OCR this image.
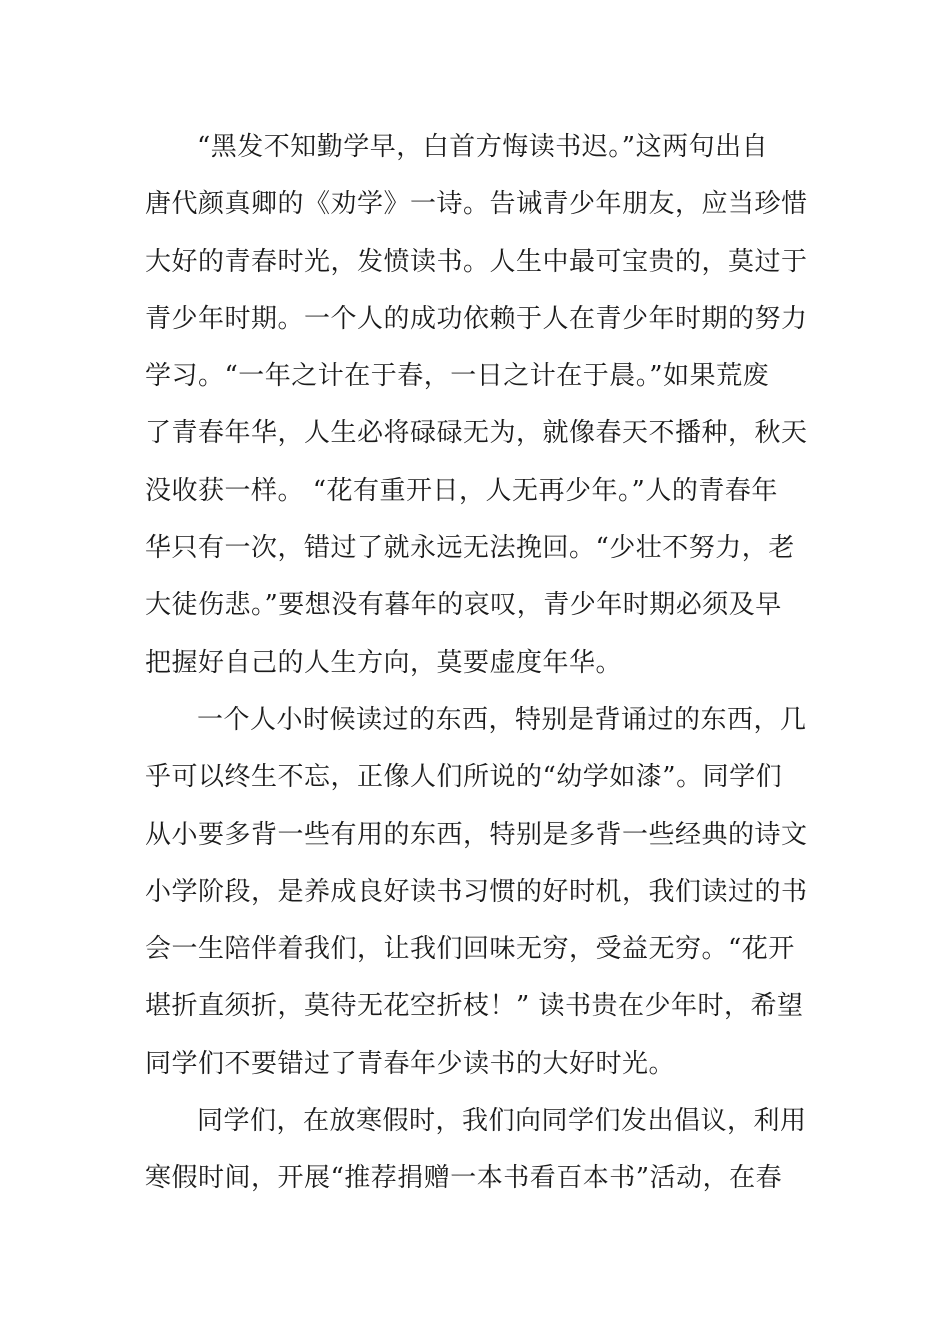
“黑发不知勤学早，白首方悔读书迟。”这两句出自
唐代颜真卿的《劝学》一诗。告诫青少年朋友，应当珍惜
大好的青春时光，发愤读书。人生中最可宝贵的，莫过于
青少年时期。一个人的成功依赖于人在青少年时期的努力
学习。“一年之计在于春，一日之计在于晨。”如果荒废
了青春年华，人生必将碌碌无为，就像春天不播种，秋天
没收获一样。 “花有重开日，人无再少年。”人的青春年
华只有一次，错过了就永远无法挽回。“少壮不努力，老
大徒伤悲。”要想没有暮年的哀叹，青少年时期必须及早
把握好自己的人生方向，莫要虚度年华。
一个人小时候读过的东西，特别是背诵过的东西，几
乎可以终生不忘，正像人们所说的“幼学如漆”。同学们
从小要多背一些有用的东西，特别是多背一些经典的诗文
小学阶段，是养成良好读书习惯的好时机，我们读过的书
会一生陪伴着我们，让我们回味无穷，受益无穷。“花开
堪折直须折，莫待无花空折枝！” 读书贵在少年时，希望
同学们不要错过了青春年少读书的大好时光。
同学们，在放寒假时，我们向同学们发出倡议，利用
寒假时间，开展“推荐捐赠一本书看百本书”活动，在春
